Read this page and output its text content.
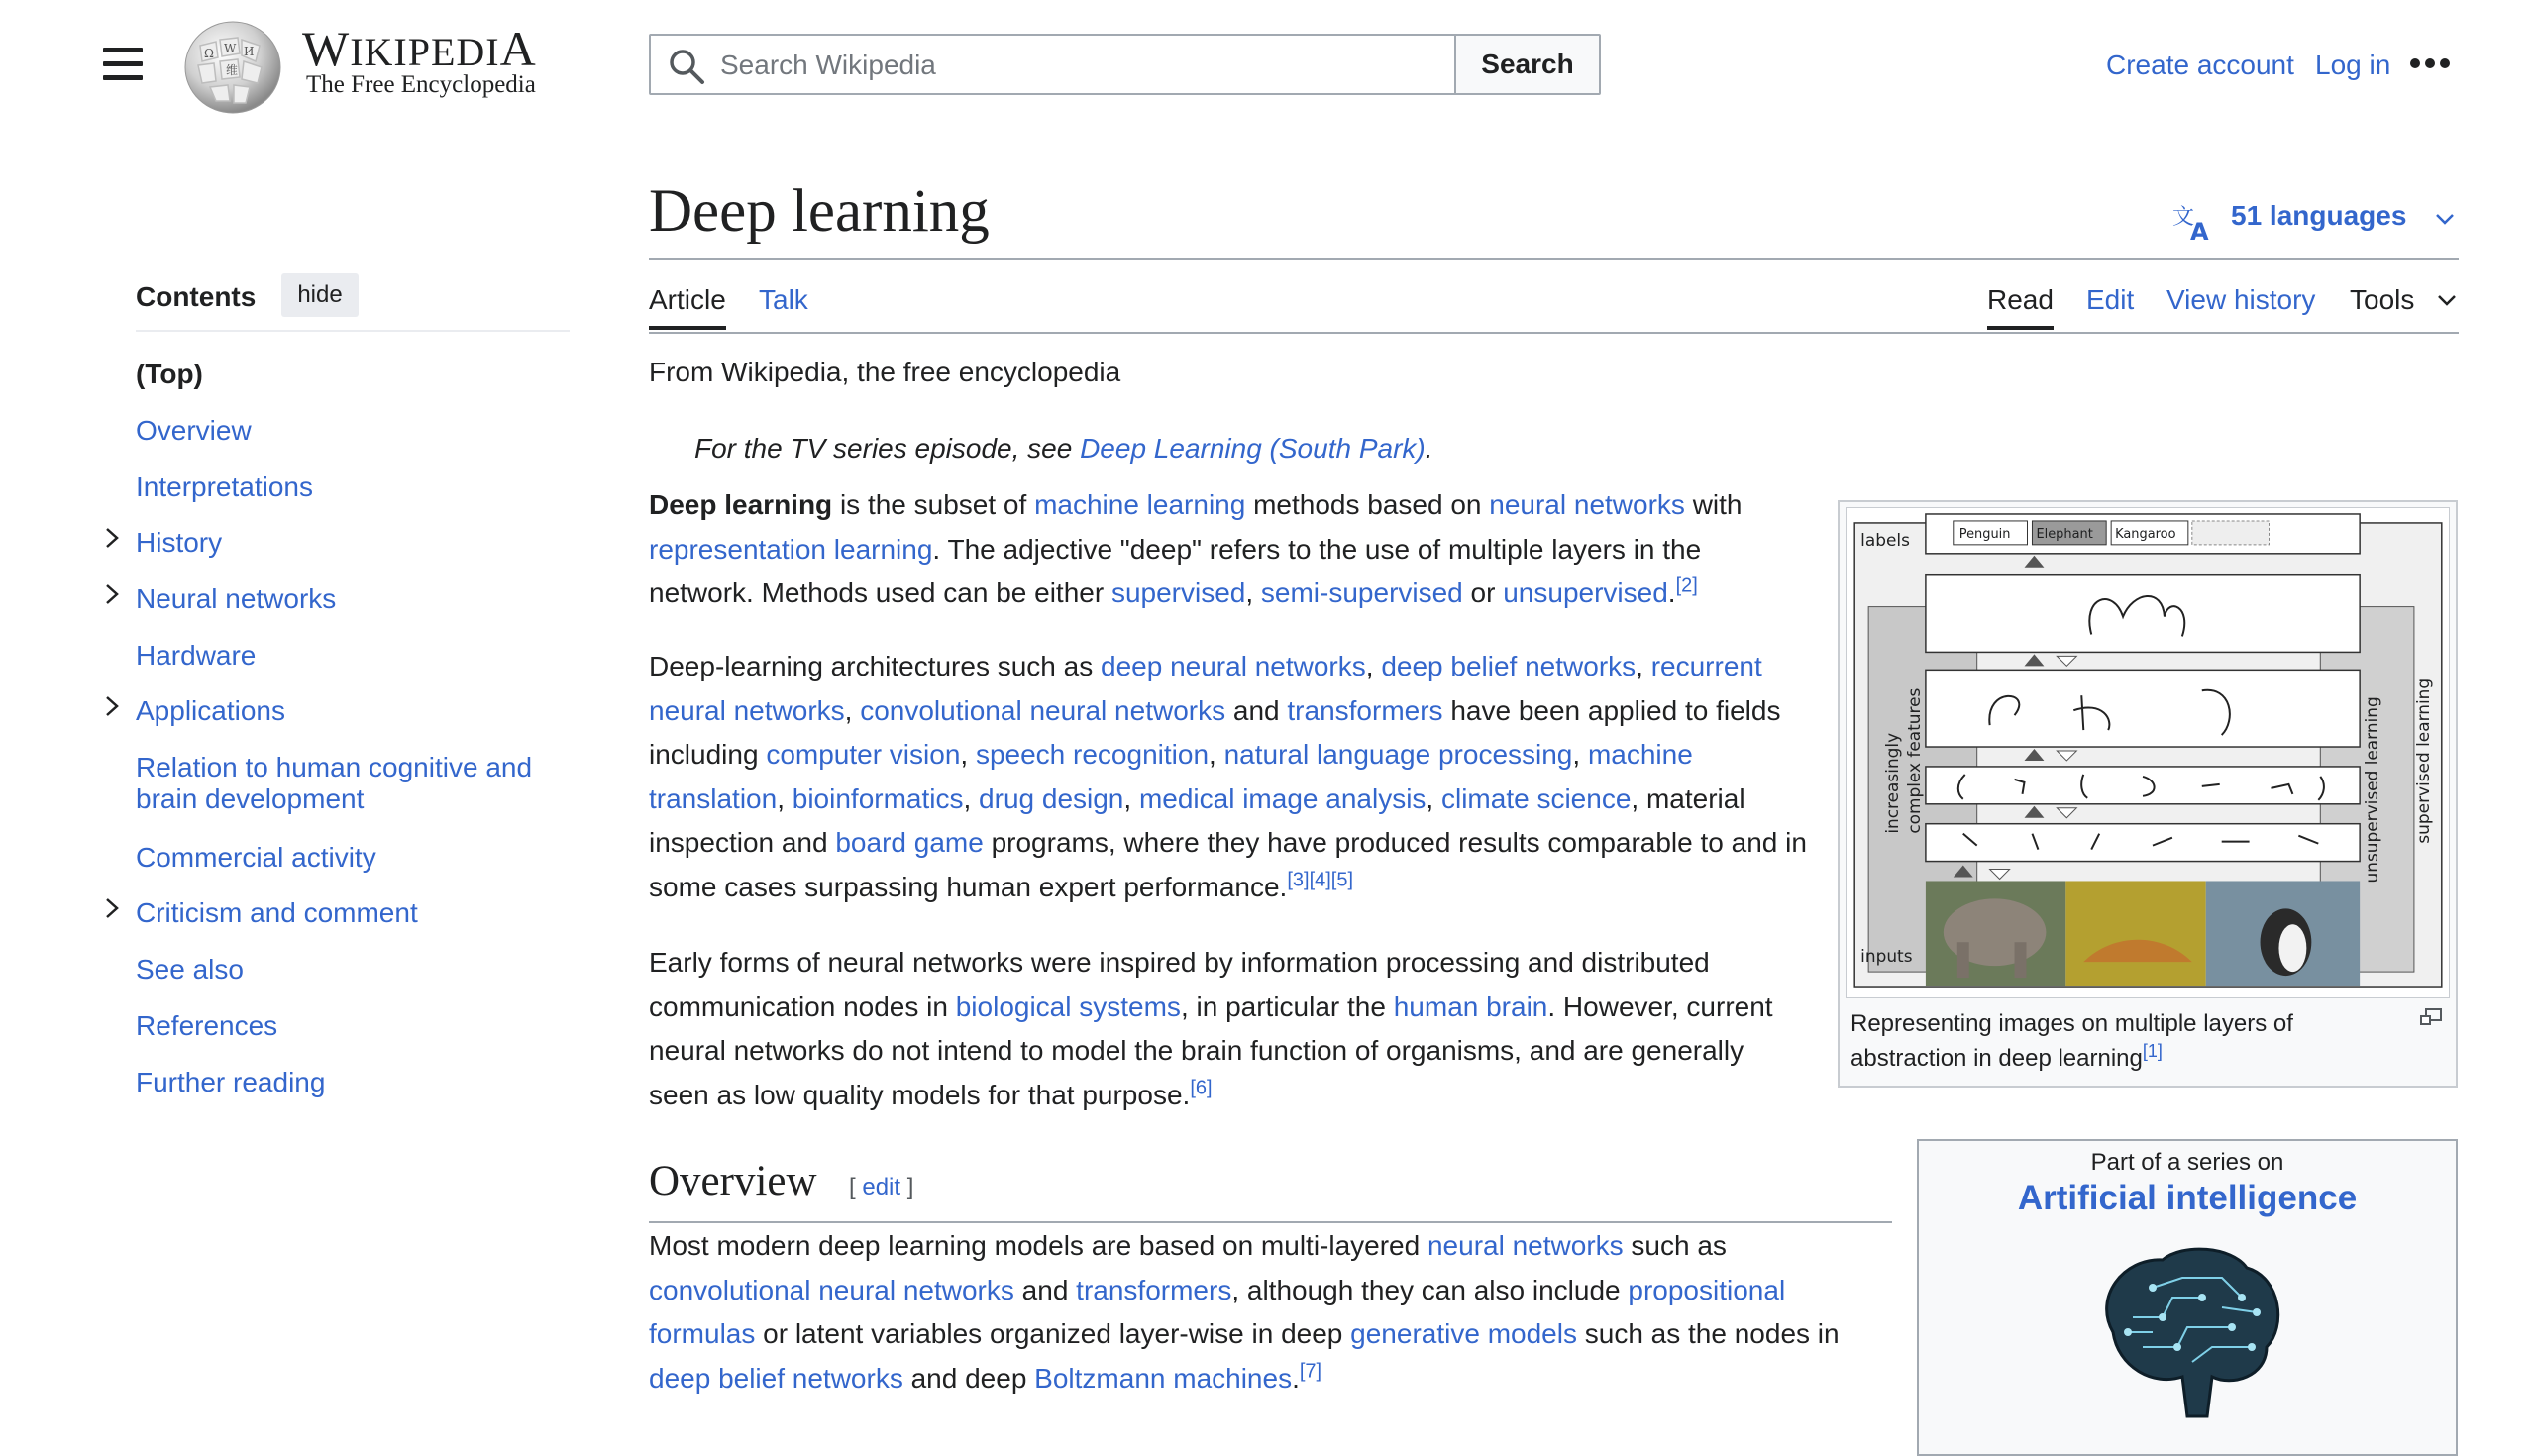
Ω W И
维 WIKIPEDIA
The Free Encyclopedia
Search Wikipedia
Search	Create account Log in
Contents	hide
(Top)
Overview
Interpretations
History
Neural networks
Hardware
Applications
Relation to human cognitive and brain development
Commercial activity
Criticism and comment
See also
References
Further reading
Deep learning	文
A
51 languages
Article Talk	Read Edit View history Tools
From Wikipedia, the free encyclopedia
For the TV series episode, see Deep Learning (South Park).
Deep learning is the subset of machine learning methods based on neural networks with representation learning. The adjective "deep" refers to the use of multiple layers in the network. Methods used can be either supervised, semi-supervised or unsupervised.[2]
Deep-learning architectures such as deep neural networks, deep belief networks, recurrent neural networks, convolutional neural networks and transformers have been applied to fields including computer vision, speech recognition, natural language processing, machine translation, bioinformatics, drug design, medical image analysis, climate science, material inspection and board game programs, where they have produced results comparable to and in some cases surpassing human expert performance.[3][4][5]
Early forms of neural networks were inspired by information processing and distributed communication nodes in biological systems, in particular the human brain. However, current neural networks do not intend to model the brain function of organisms, and are generally seen as low quality models for that purpose.[6]
labels
inputs
Penguin Elephant Kangaroo
increasingly complex features	unsupervised learning supervised learning
Representing images on multiple layers of abstraction in deep learning[1]
Overview [ edit ]
Most modern deep learning models are based on multi-layered neural networks such as convolutional neural networks and transformers, although they can also include propositional formulas or latent variables organized layer-wise in deep generative models such as the nodes in deep belief networks and deep Boltzmann machines.[7]
Part of a series on
Artificial intelligence
